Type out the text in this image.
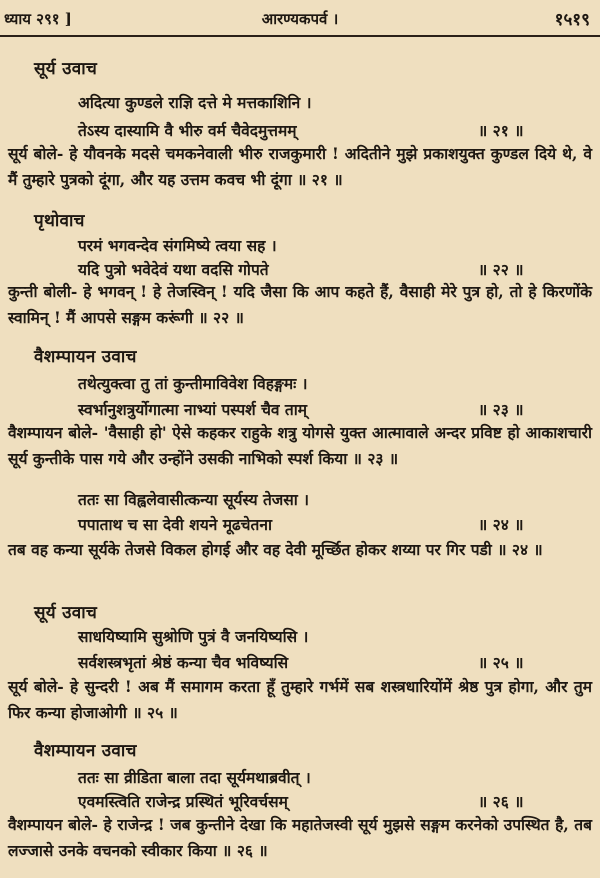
ध्याय २९१ ]	आरण्यकपर्व ।	१५१९
सूर्य उवाच
अदित्या कुण्डले राज्ञि दत्ते मे मत्तकाशिनि ।
तेऽस्य दास्यामि वै भीरु वर्म चैवेदमुत्तमम्	॥ २१ ॥
सूर्य बोले- हे यौवनके मदसे चमकनेवाली भीरु राजकुमारी ! अदितीने मुझे प्रकाशयुक्त कुण्डल दिये थे, वे मैं तुम्हारे पुत्रको दूंगा, और यह उत्तम कवच भी दूंगा ॥ २१ ॥
पृथोवाच
परमं भगवन्देव संगमिष्ये त्वया सह ।
यदि पुत्रो भवेदेवं यथा वदसि गोपते	॥ २२ ॥
कुन्ती बोली- हे भगवन् ! हे तेजस्विन् ! यदि जैसा कि आप कहते हैं, वैसाही मेरे पुत्र हो, तो हे किरणोंके स्वामिन् ! मैं आपसे सङ्गम करूंगी ॥ २२ ॥
वैशम्पायन उवाच
तथेत्युक्त्वा तु तां कुन्तीमाविवेश विहङ्गमः ।
स्वर्भानुशत्रुर्योगात्मा नाभ्यां पस्पर्श चैव ताम्	॥ २३ ॥
वैशम्पायन बोले- 'वैसाही हो' ऐसे कहकर राहुके शत्रु योगसे युक्त आत्मावाले अन्दर प्रविष्ट हो आकाशचारी सूर्य कुन्तीके पास गये और उन्होंने उसकी नाभिको स्पर्श किया ॥ २३ ॥
ततः सा विह्वलेवासीत्कन्या सूर्यस्य तेजसा ।
पपाताथ च सा देवी शयने मूढचेतना	॥ २४ ॥
तब वह कन्या सूर्यके तेजसे विकल होगई और वह देवी मूर्च्छित होकर शय्या पर गिर पडी ॥ २४ ॥
सूर्य उवाच
साधयिष्यामि सुश्रोणि पुत्रं वै जनयिष्यसि ।
सर्वशस्त्रभृतां श्रेष्ठं कन्या चैव भविष्यसि	॥ २५ ॥
सूर्य बोले- हे सुन्दरी ! अब मैं समागम करता हूँ तुम्हारे गर्भमें सब शस्त्रधारियोंमें श्रेष्ठ पुत्र होगा, और तुम फिर कन्या होजाओगी ॥ २५ ॥
वैशम्पायन उवाच
ततः सा व्रीडिता बाला तदा सूर्यमथाब्रवीत् ।
एवमस्त्विति राजेन्द्र प्रस्थितं भूरिवर्चसम्	॥ २६ ॥
वैशम्पायन बोले- हे राजेन्द्र ! जब कुन्तीने देखा कि महातेजस्वी सूर्य मुझसे सङ्गम करनेको उपस्थित है, तब लज्जासे उनके वचनको स्वीकार किया ॥ २६ ॥
